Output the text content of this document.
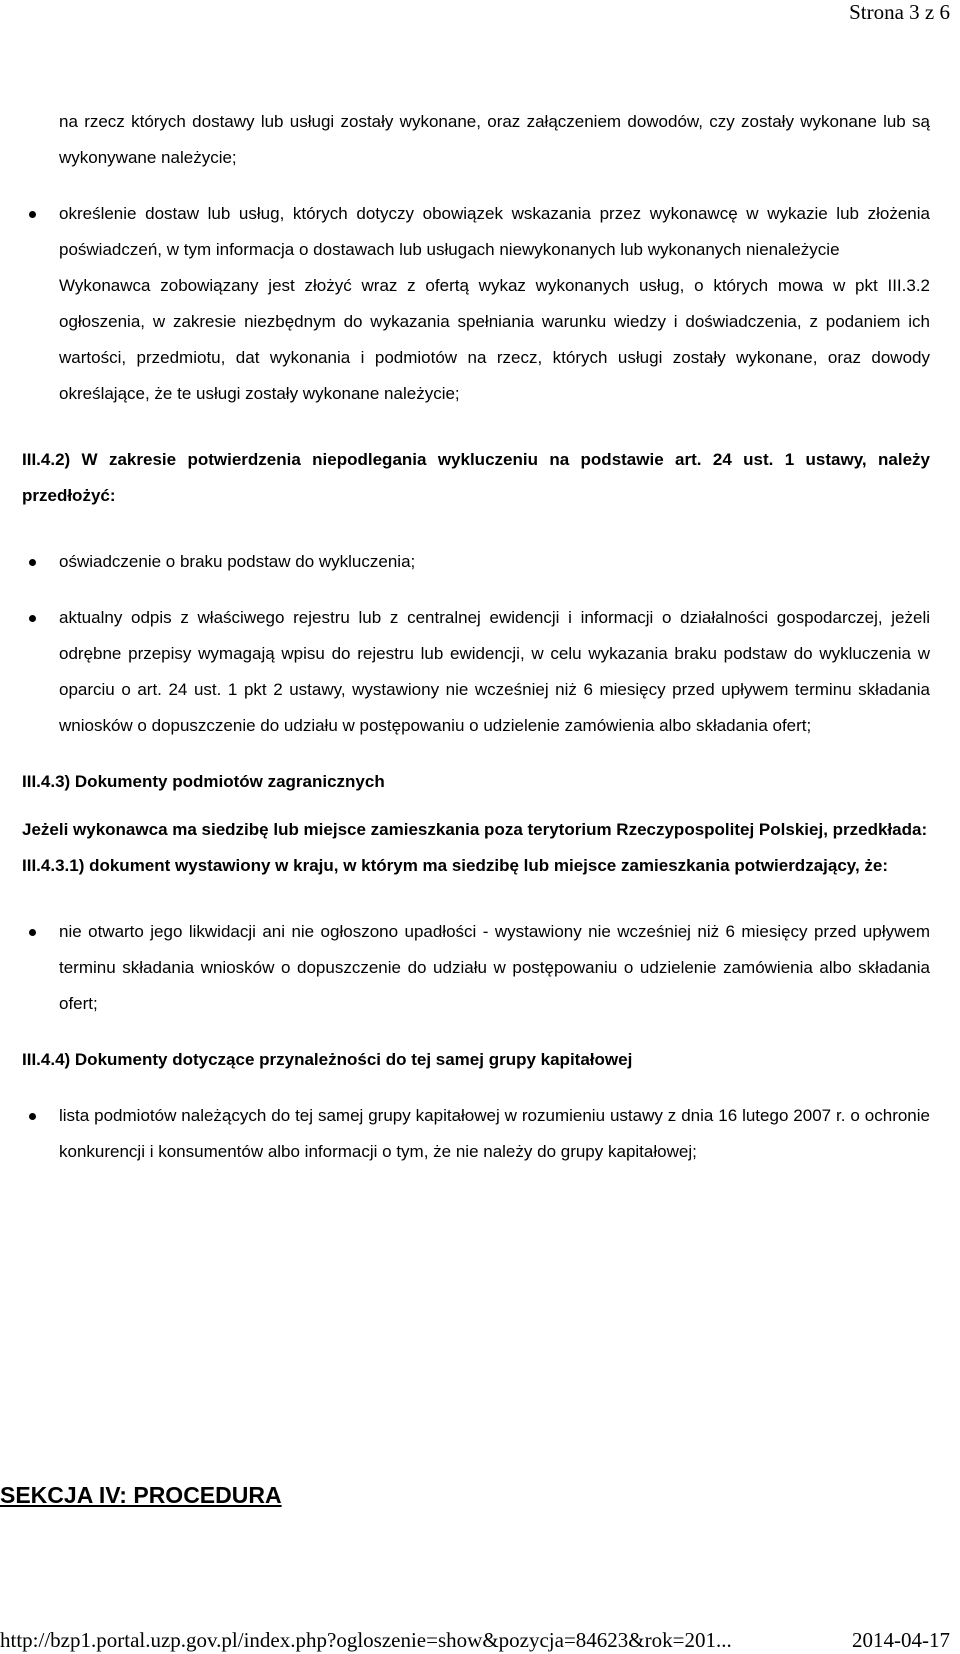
Strona 3 z 6

na rzecz których dostawy lub usługi zostały wykonane, oraz załączeniem dowodów, czy zostały wykonane lub są wykonywane należycie;

określenie dostaw lub usług, których dotyczy obowiązek wskazania przez wykonawcę w wykazie lub złożenia poświadczeń, w tym informacja o dostawach lub usługach niewykonanych lub wykonanych nienależycie

Wykonawca zobowiązany jest złożyć wraz z ofertą wykaz wykonanych usług, o których mowa w pkt III.3.2 ogłoszenia, w zakresie niezbędnym do wykazania spełniania warunku wiedzy i doświadczenia, z podaniem ich wartości, przedmiotu, dat wykonania i podmiotów na rzecz, których usługi zostały wykonane, oraz dowody określające, że te usługi zostały wykonane należycie;

III.4.2) W zakresie potwierdzenia niepodlegania wykluczeniu na podstawie art. 24 ust. 1 ustawy, należy przedłożyć:

oświadczenie o braku podstaw do wykluczenia;
aktualny odpis z właściwego rejestru lub z centralnej ewidencji i informacji o działalności gospodarczej, jeżeli odrębne przepisy wymagają wpisu do rejestru lub ewidencji, w celu wykazania braku podstaw do wykluczenia w oparciu o art. 24 ust. 1 pkt 2 ustawy, wystawiony nie wcześniej niż 6 miesięcy przed upływem terminu składania wniosków o dopuszczenie do udziału w postępowaniu o udzielenie zamówienia albo składania ofert;

III.4.3) Dokumenty podmiotów zagranicznych

Jeżeli wykonawca ma siedzibę lub miejsce zamieszkania poza terytorium Rzeczypospolitej Polskiej, przedkłada:

III.4.3.1) dokument wystawiony w kraju, w którym ma siedzibę lub miejsce zamieszkania potwierdzający, że:

nie otwarto jego likwidacji ani nie ogłoszono upadłości - wystawiony nie wcześniej niż 6 miesięcy przed upływem terminu składania wniosków o dopuszczenie do udziału w postępowaniu o udzielenie zamówienia albo składania ofert;

III.4.4) Dokumenty dotyczące przynależności do tej samej grupy kapitałowej

lista podmiotów należących do tej samej grupy kapitałowej w rozumieniu ustawy z dnia 16 lutego 2007 r. o ochronie konkurencji i konsumentów albo informacji o tym, że nie należy do grupy kapitałowej;
SEKCJA IV: PROCEDURA
http://bzp1.portal.uzp.gov.pl/index.php?ogloszenie=show&pozycja=84623&rok=201...	2014-04-17
